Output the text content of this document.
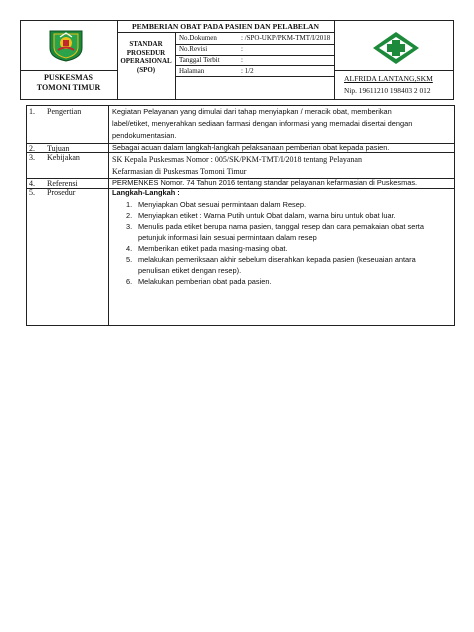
PUSKESMAS
TOMONI TIMUR
PEMBERIAN OBAT PADA PASIEN DAN PELABELAN
STANDAR
PROSEDUR
OPERASIONAL
(SPO)
No.Dokumen	: /SPO-UKP/PKM-TMT/I/2018
No.Revisi	:
Tanggal Terbit	:
Halaman	: 1/2
ALFRIDA LANTANG,SKM
Nip. 19611210 198403 2 012
1. Pengertian	Kegiatan Pelayanan yang dimulai dari tahap menyiapkan / meracik obat, memberikan
label/etiket, menyerahkan sediaan farmasi dengan informasi yang memadai disertai dengan
pendokumentasian.
2. Tujuan	Sebagai acuan dalam langkah-langkah pelaksanaan pemberian obat kepada pasien.
3. Kebijakan	SK Kepala Puskesmas Nomor : 005/SK/PKM-TMT/I/2018 tentang Pelayanan
Kefarmasian di Puskesmas Tomoni Timur
4. Referensi	PERMENKES Nomor. 74 Tahun 2016 tentang standar pelayanan kefarmasian di Puskesmas.
5. Prosedur	Langkah-Langkah :
1. Menyiapkan Obat sesuai permintaan dalam Resep.
2. Menyiapkan etiket : Warna Putih untuk Obat dalam, warna biru untuk obat luar.
3. Menulis pada etiket berupa nama pasien, tanggal resep dan cara pemakaian obat serta
petunjuk informasi lain sesuai permintaan dalam resep
4. Memberikan etiket pada masing-masing obat.
5. melakukan pemeriksaan akhir sebelum diserahkan kepada pasien (keseuaian antara
penulisan etiket dengan resep).
6. Melakukan pemberian obat pada pasien.
